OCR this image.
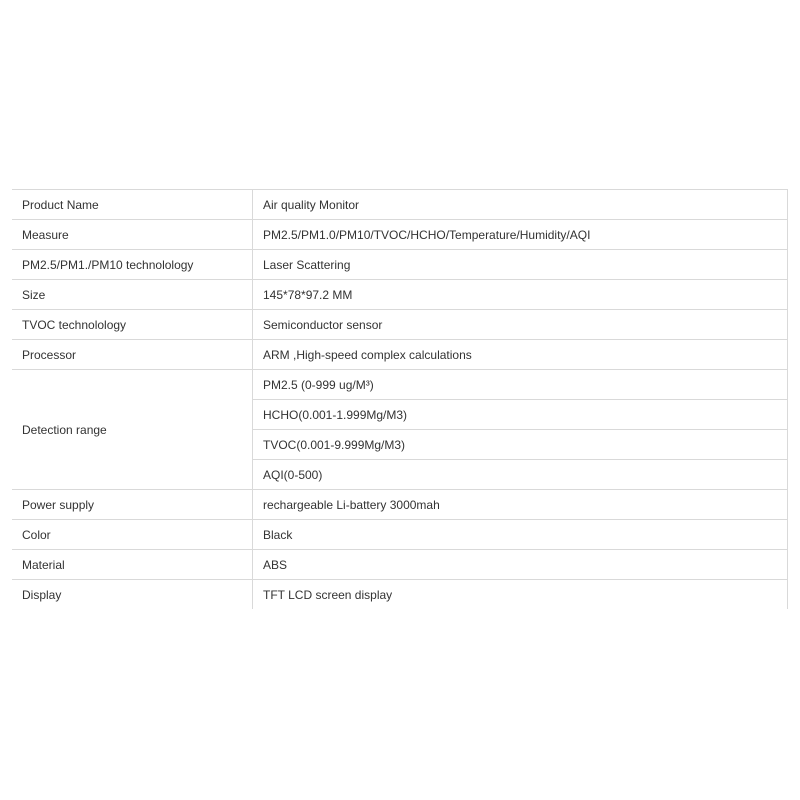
Product Name	Air quality Monitor
Measure	PM2.5/PM1.0/PM10/TVOC/HCHO/Temperature/Humidity/AQI
PM2.5/PM1./PM10 technolology	Laser Scattering
Size	145*78*97.2 MM
TVOC technolology	Semiconductor sensor
Processor	ARM ,High-speed complex calculations
Detection range	PM2.5 (0-999 ug/M³)
	HCHO(0.001-1.999Mg/M3)
	TVOC(0.001-9.999Mg/M3)
	AQI(0-500)
Power supply	rechargeable Li-battery 3000mah
Color	Black
Material	ABS
Display	TFT LCD screen display
